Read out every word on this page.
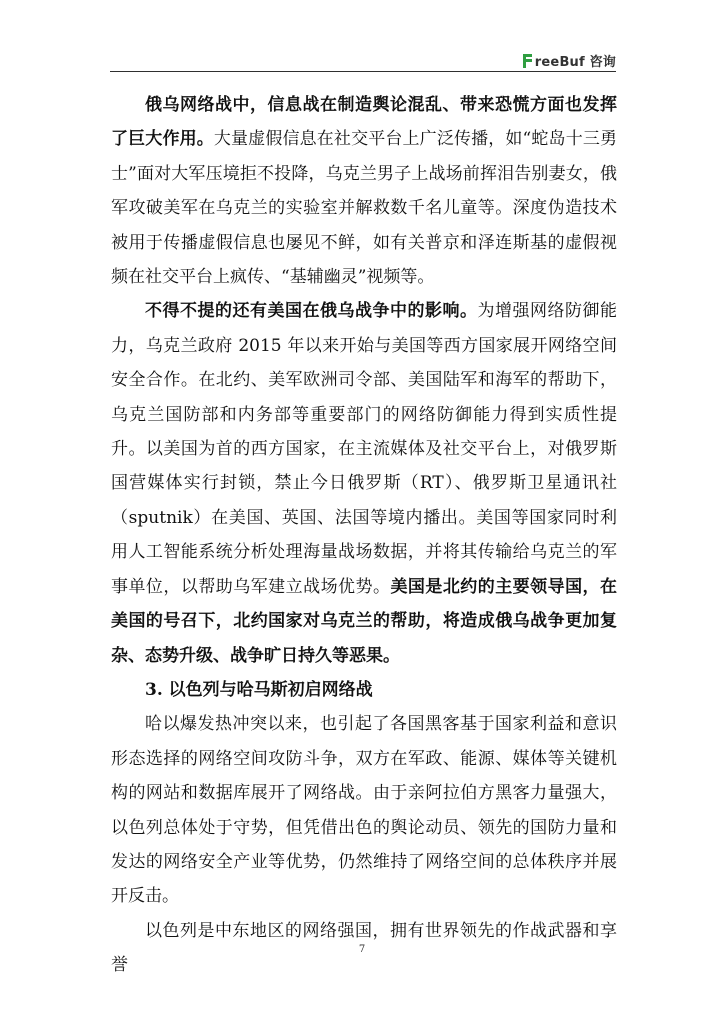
reeBuf 咨询

俄乌网络战中，信息战在制造舆论混乱、带来恐慌方面也发挥了巨大作用。大量虚假信息在社交平台上广泛传播，如“蛇岛十三勇士”面对大军压境拒不投降，乌克兰男子上战场前挥泪告别妻女，俄军攻破美军在乌克兰的实验室并解救数千名儿童等。深度伪造技术被用于传播虚假信息也屡见不鲜，如有关普京和泽连斯基的虚假视频在社交平台上疯传、“基辅幽灵”视频等。

不得不提的还有美国在俄乌战争中的影响。为增强网络防御能力，乌克兰政府 2015 年以来开始与美国等西方国家展开网络空间安全合作。在北约、美军欧洲司令部、美国陆军和海军的帮助下，乌克兰国防部和内务部等重要部门的网络防御能力得到实质性提升。以美国为首的西方国家，在主流媒体及社交平台上，对俄罗斯国营媒体实行封锁，禁止今日俄罗斯（RT）、俄罗斯卫星通讯社（sputnik）在美国、英国、法国等境内播出。美国等国家同时利用人工智能系统分析处理海量战场数据，并将其传输给乌克兰的军事单位，以帮助乌军建立战场优势。美国是北约的主要领导国，在美国的号召下，北约国家对乌克兰的帮助，将造成俄乌战争更加复杂、态势升级、战争旷日持久等恶果。

3. 以色列与哈马斯初启网络战

哈以爆发热冲突以来，也引起了各国黑客基于国家利益和意识形态选择的网络空间攻防斗争，双方在军政、能源、媒体等关键机构的网站和数据库展开了网络战。由于亲阿拉伯方黑客力量强大，以色列总体处于守势，但凭借出色的舆论动员、领先的国防力量和发达的网络安全产业等优势，仍然维持了网络空间的总体秩序并展开反击。

以色列是中东地区的网络强国，拥有世界领先的作战武器和享誉

7
